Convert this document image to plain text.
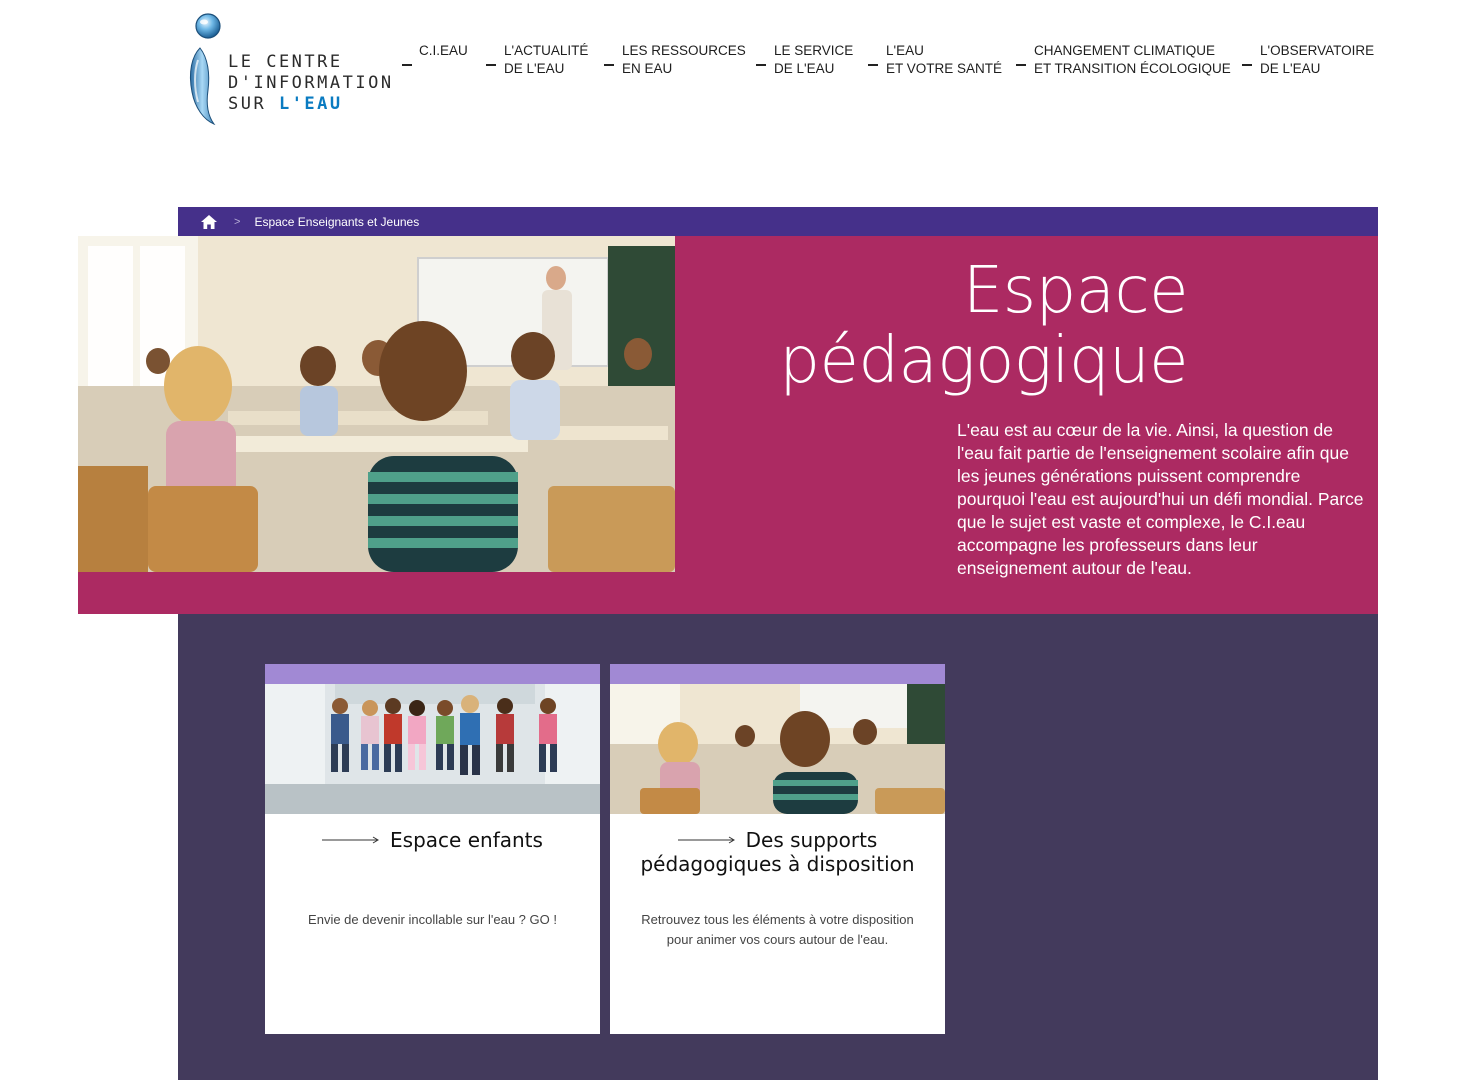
LE CENTRE
D'INFORMATION
SUR L'EAU
C.I.EAU	L'ACTUALITÉ
DE L'EAU
LES RESSOURCES
EN EAU
LE SERVICE
DE L'EAU
L'EAU
ET VOTRE SANTÉ
CHANGEMENT CLIMATIQUE
ET TRANSITION ÉCOLOGIQUE
L'OBSERVATOIRE
DE L'EAU
> Espace Enseignants et Jeunes
Espace
pédagogique

L'eau est au cœur de la vie. Ainsi, la question de l'eau fait partie de l'enseignement scolaire afin que les jeunes générations puissent comprendre pourquoi l'eau est aujourd'hui un défi mondial. Parce que le sujet est vaste et complexe, le C.I.eau accompagne les professeurs dans leur enseignement autour de l'eau.

Espace enfants
Envie de devenir incollable sur l'eau ? GO !
Des supports
pédagogiques à disposition
Retrouvez tous les éléments à votre disposition
pour animer vos cours autour de l'eau.
